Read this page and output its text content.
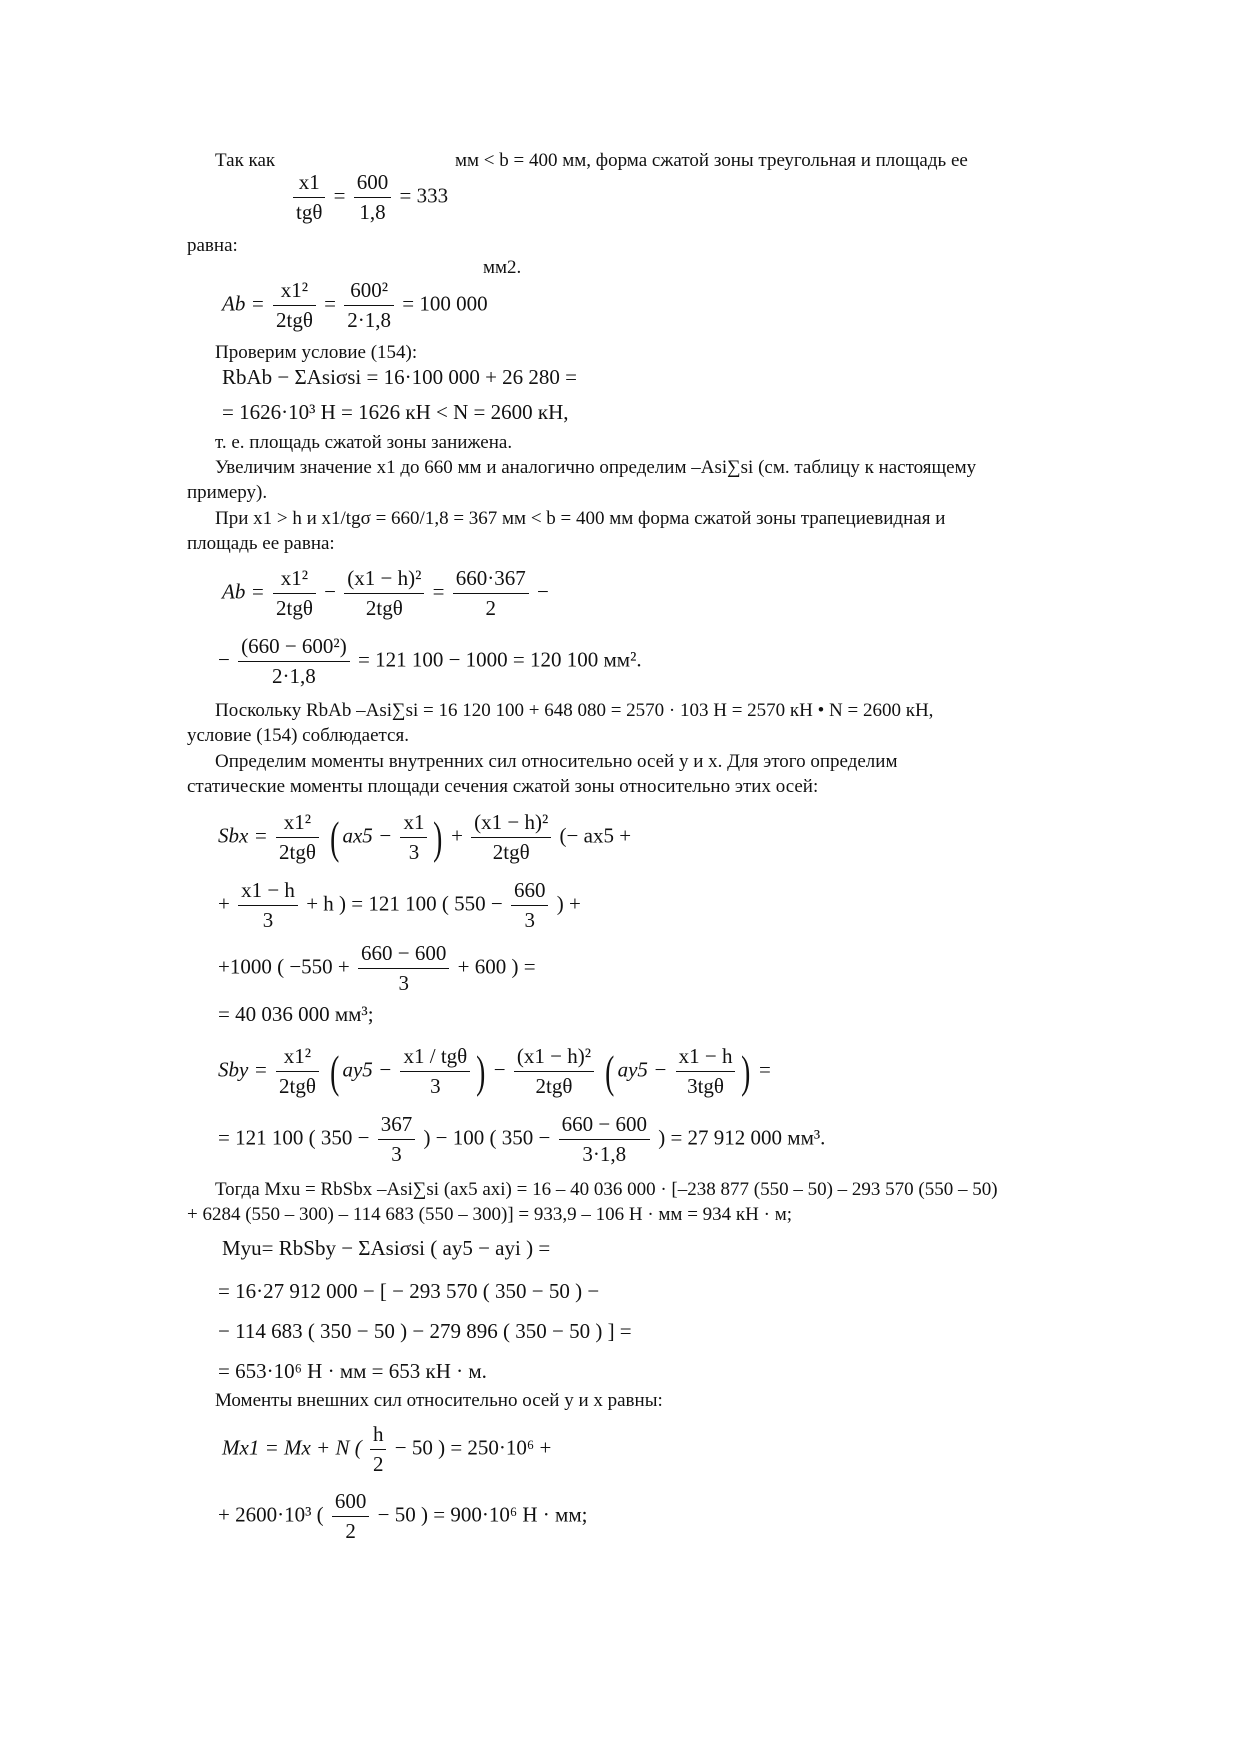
Так как	мм < b = 400 мм, форма сжатой зоны треугольная и площадь ее
x1
tgθ
= $\frac{600}{1,8} = 333$
равна:
мм2.
Ab =
x1²
2tgθ
= $\frac{\text{600²}}{2\cdot 1,8} = 100$ 000
Проверим условие (154):
RbAb − ΣAsiσsi = 16·100 000 + 26 280 =
= 1626·10³ Н = 1626 кН < N = 2600 кН,
т. е. площадь сжатой зоны занижена.
Увеличим значение x1 до 660 мм и аналогично определим –Asi∑si (см. таблицу к настоящему
примеру).
При x1 > h и x1/tgσ = 660/1,8 = 367 мм < b = 400 мм форма сжатой зоны трапециевидная и
площадь ее равна:
Ab =
x1²
2tgθ
−
(x1 − h)²
2tgθ
= $\frac{660\cdot 367}{2}$ −
− $\frac{\text{(660 − 600²)}}{2\cdot 1,8} = 121$ 100 − 1000 = 120 100 мм².
Поскольку RbAb –Asi∑si = 16 120 100 + 648 080 = 2570 · 103 Н = 2570 кН • N = 2600 кН,
условие (154) соблюдается.
Определим моменты внутренних сил относительно осей y и x. Для этого определим
статические моменты площади сечения сжатой зоны относительно этих осей:
Sbx =
x1²
2tgθ ( $ax5 - \frac{x1}{3}$ ) +
(x1 − h)²
2tgθ
(− ax5 +
+ $\frac{x1 - h}{3} + h$ ) = 121 100 ( $550 - \frac{660}{3}$ ) +
+1000 ( $-550 + \frac{660 - 600}{3} + 600$ ) =
= 40 036 000 мм³;
Sby =
x1²
2tgθ ( ay5 −
x1 / tgθ
3 ) −
(x1 − h)²
2tgθ ( ay5 −
x1 − h
3tgθ ) =
= 121 100 ( $350 - \frac{367}{3}$ ) − 100 ( $350 - \frac{660 - 600}{3\cdot 1,8}$ ) = 27 912 000 мм³.
Тогда Mxu = RbSbx –Asi∑si (ax5 axi) = 16 – 40 036 000 · [–238 877 (550 – 50) – 293 570 (550 – 50)
+ 6284 (550 – 300) – 114 683 (550 – 300)] = 933,9 – 106 Н · мм = 934 кН · м;
Myu= RbSby − ΣAsiσsi ( ay5 − ayi ) =
= 16·27 912 000 − [ − 293 570 ( 350 − 50 ) −
− 114 683 ( 350 − 50 ) − 279 896 ( 350 − 50 ) ] =
= 653·10⁶ Н · мм = 653 кН · м.
Моменты внешних сил относительно осей y и x равны:
Mx1 = Mx + N ( $\frac{h}{2} - 50$ ) = 250·10⁶ +
+ 2600·10³ ( $\frac{600}{2} - 50$ ) = 900·10⁶ Н · мм;
